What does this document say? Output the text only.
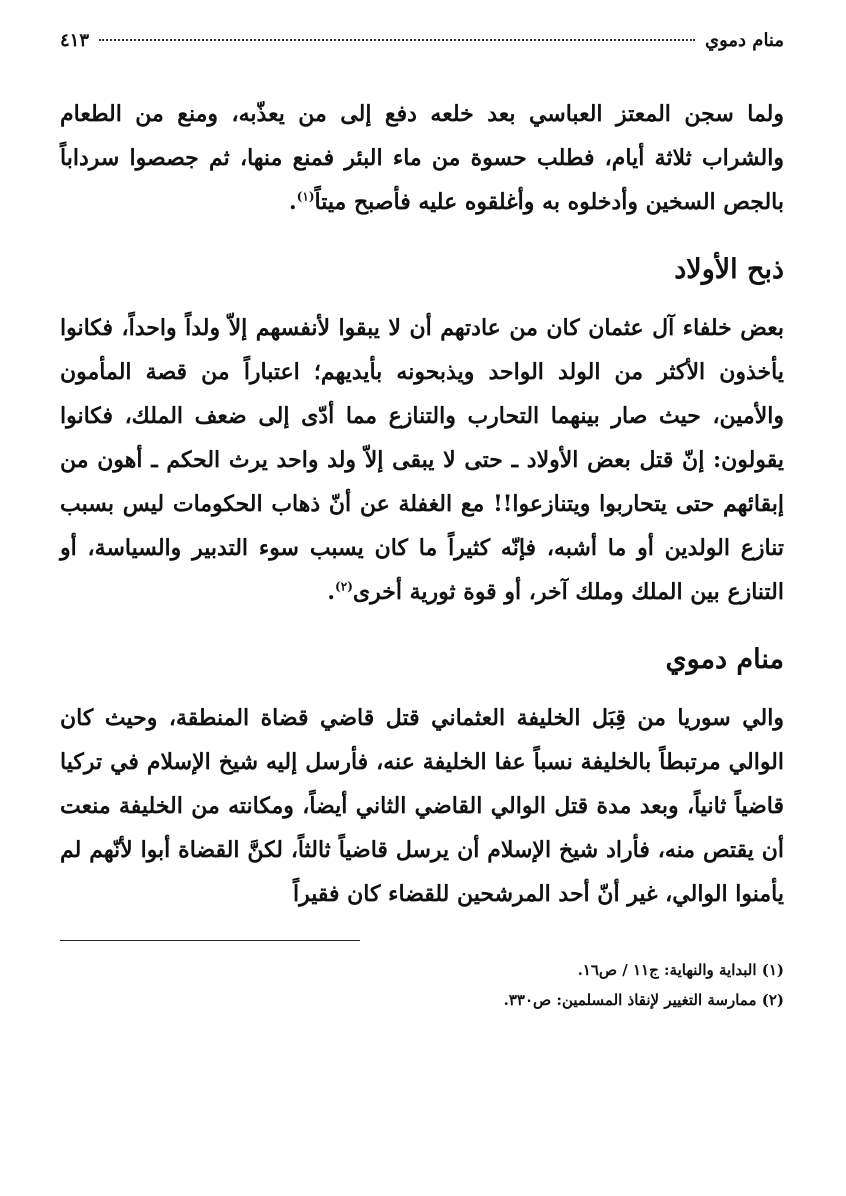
منام دموي
٤١٣

ولما سجن المعتز العباسي بعد خلعه دفع إلى من يعذّبه، ومنع من الطعام والشراب ثلاثة أيام، فطلب حسوة من ماء البئر فمنع منها، ثم جصصوا سرداباً بالجص السخين وأدخلوه به وأغلقوه عليه فأصبح ميتاً$^{(١)}$.

ذبح الأولاد

بعض خلفاء آل عثمان كان من عادتهم أن لا يبقوا لأنفسهم إلاّ ولداً واحداً، فكانوا يأخذون الأكثر من الولد الواحد ويذبحونه بأيديهم؛ اعتباراً من قصة المأمون والأمين، حيث صار بينهما التحارب والتنازع مما أدّى إلى ضعف الملك، فكانوا يقولون: إنّ قتل بعض الأولاد ـ حتى لا يبقى إلاّ ولد واحد يرث الحكم ـ أهون من إبقائهم حتى يتحاربوا ويتنازعوا!! مع الغفلة عن أنّ ذهاب الحكومات ليس بسبب تنازع الولدين أو ما أشبه، فإنّه كثيراً ما كان يسبب سوء التدبير والسياسة، أو التنازع بين الملك وملك آخر، أو قوة ثورية أخرى$^{(٢)}$.

منام دموي

والي سوريا من قِبَل الخليفة العثماني قتل قاضي قضاة المنطقة، وحيث كان الوالي مرتبطاً بالخليفة نسباً عفا الخليفة عنه، فأرسل إليه شيخ الإسلام في تركيا قاضياً ثانياً، وبعد مدة قتل الوالي القاضي الثاني أيضاً، ومكانته من الخليفة منعت أن يقتص منه، فأراد شيخ الإسلام أن يرسل قاضياً ثالثاً، لكنَّ القضاة أبوا لأنّهم لم يأمنوا الوالي، غير أنّ أحد المرشحين للقضاء كان فقيراً

(١) البداية والنهاية: ج١١ / ص١٦.
(٢) ممارسة التغيير لإنقاذ المسلمين: ص٣٣٠.
